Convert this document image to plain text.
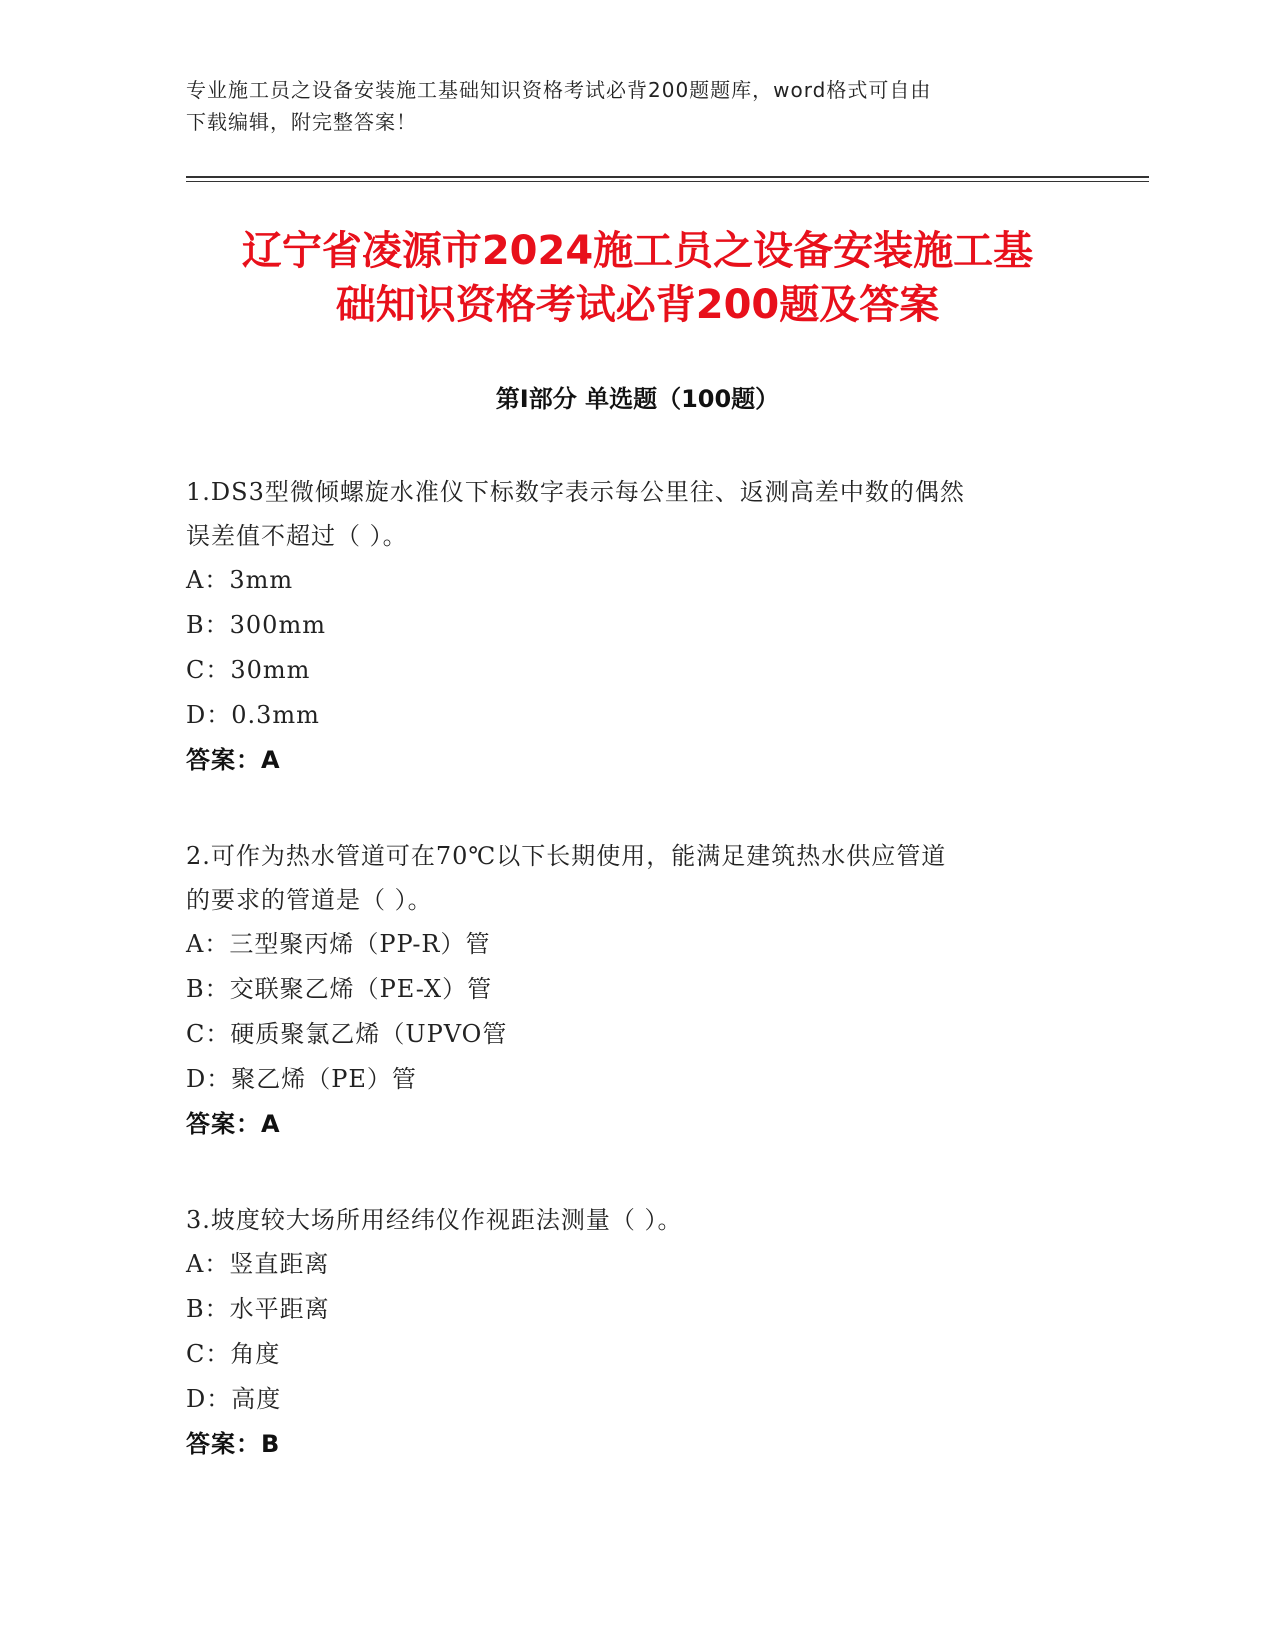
专业施工员之设备安装施工基础知识资格考试必背200题题库，word格式可自由
下载编辑，附完整答案！
辽宁省凌源市2024施工员之设备安装施工基
础知识资格考试必背200题及答案
第Ⅰ部分 单选题（100题）
1.DS3型微倾螺旋水准仪下标数字表示每公里往、返测高差中数的偶然
误差值不超过（ ）。
A：3mm
B：300mm
C：30mm
D：0.3mm
答案：A
2.可作为热水管道可在70℃以下长期使用，能满足建筑热水供应管道
的要求的管道是（ ）。
A：三型聚丙烯（PP-R）管
B：交联聚乙烯（PE-X）管
C：硬质聚氯乙烯（UPVO管
D：聚乙烯（PE）管
答案：A
3.坡度较大场所用经纬仪作视距法测量（ ）。
A：竖直距离
B：水平距离
C：角度
D：高度
答案：B
